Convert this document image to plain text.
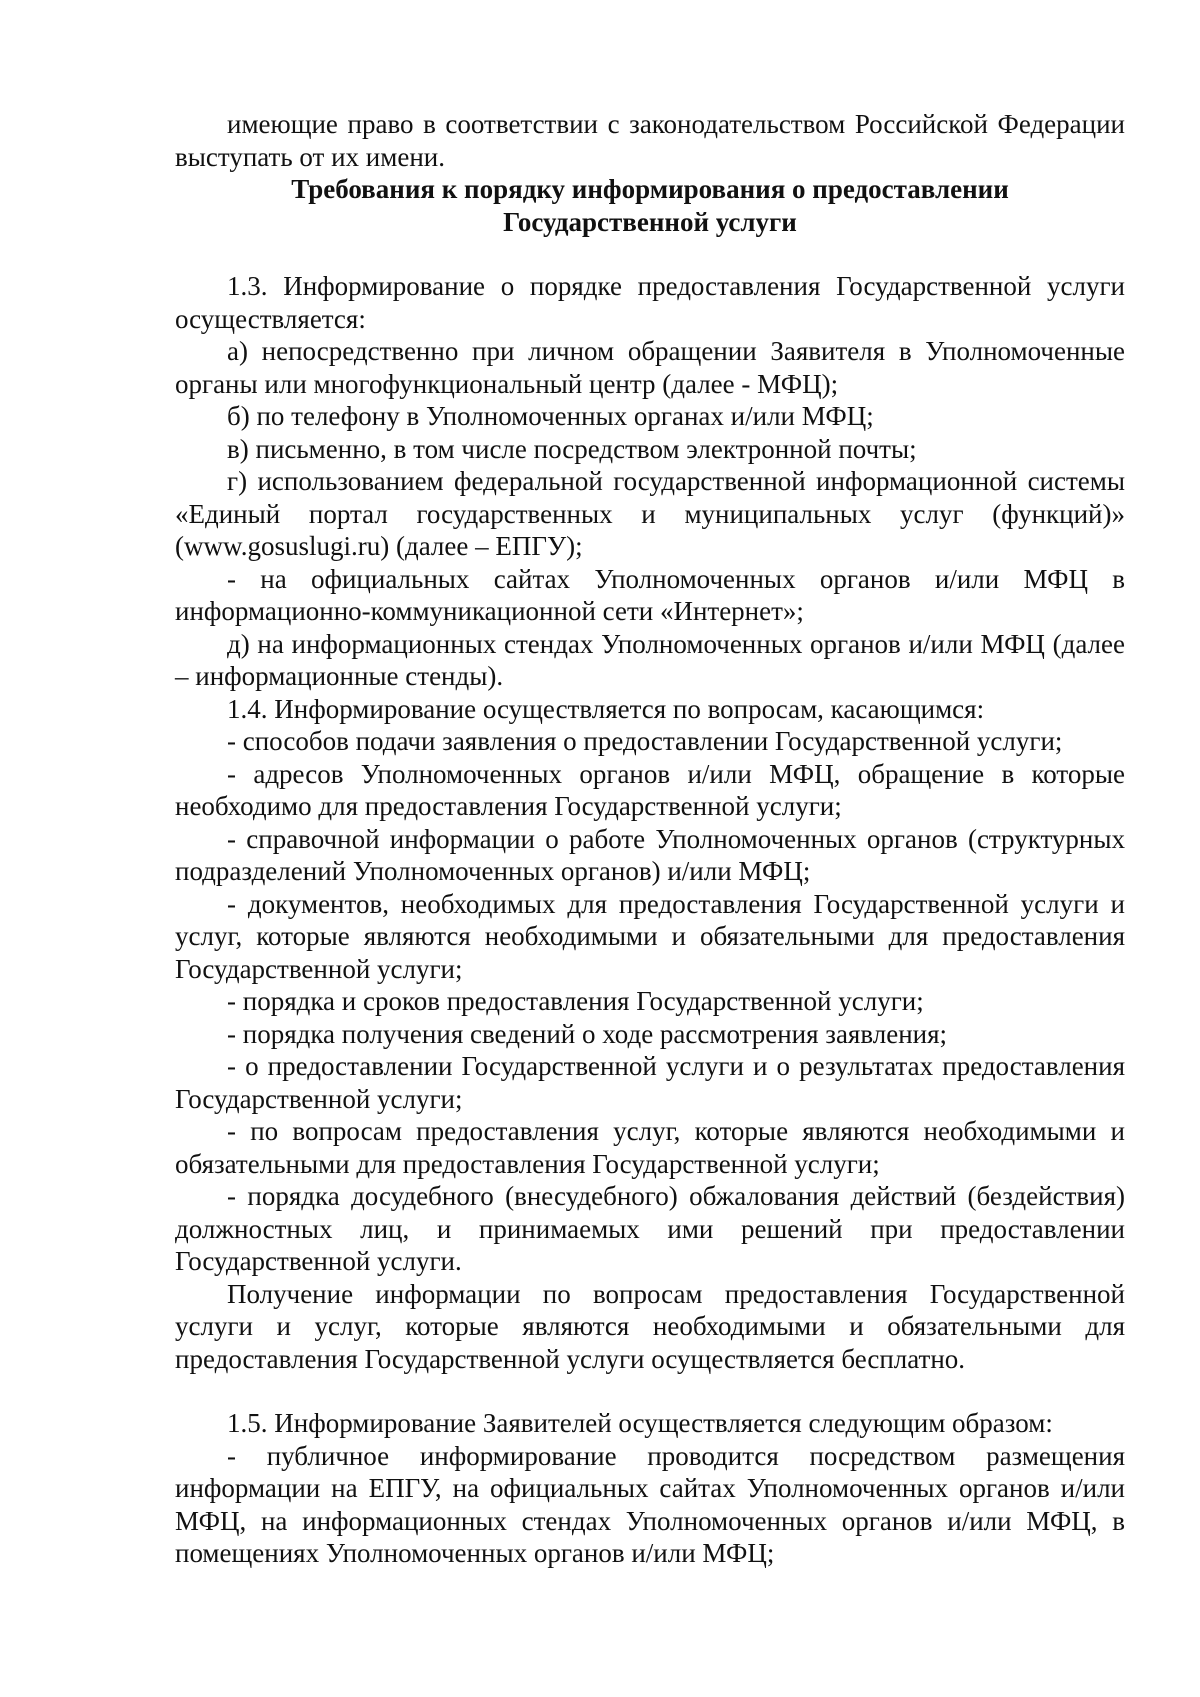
имеющие право в соответствии с законодательством Российской Федерации выступать от их имени.

Требования к порядку информирования о предоставлении

Государственной услуги

1.3. Информирование о порядке предоставления Государственной услуги осуществляется:

а) непосредственно при личном обращении Заявителя в Уполномоченные органы или многофункциональный центр (далее - МФЦ);

б) по телефону в Уполномоченных органах и/или МФЦ;

в) письменно, в том числе посредством электронной почты;

г) использованием федеральной государственной информационной системы «Единый портал государственных и муниципальных услуг (функций)» (www.gosuslugi.ru) (далее – ЕПГУ);

- на официальных сайтах Уполномоченных органов и/или МФЦ в информационно-коммуникационной сети «Интернет»;

д) на информационных стендах Уполномоченных органов и/или МФЦ (далее – информационные стенды).

1.4. Информирование осуществляется по вопросам, касающимся:

- способов подачи заявления о предоставлении Государственной услуги;

- адресов Уполномоченных органов и/или МФЦ, обращение в которые необходимо для предоставления Государственной услуги;

- справочной информации о работе Уполномоченных органов (структурных подразделений Уполномоченных органов) и/или МФЦ;

- документов, необходимых для предоставления Государственной услуги и услуг, которые являются необходимыми и обязательными для предоставления Государственной услуги;

- порядка и сроков предоставления Государственной услуги;

- порядка получения сведений о ходе рассмотрения заявления;

- о предоставлении Государственной услуги и о результатах предоставления Государственной услуги;

- по вопросам предоставления услуг, которые являются необходимыми и обязательными для предоставления Государственной услуги;

- порядка досудебного (внесудебного) обжалования действий (бездействия) должностных лиц, и принимаемых ими решений при предоставлении Государственной услуги.

Получение информации по вопросам предоставления Государственной услуги и услуг, которые являются необходимыми и обязательными для предоставления Государственной услуги осуществляется бесплатно.

1.5. Информирование Заявителей осуществляется следующим образом:

- публичное информирование проводится посредством размещения информации на ЕПГУ, на официальных сайтах Уполномоченных органов и/или МФЦ, на информационных стендах Уполномоченных органов и/или МФЦ, в помещениях Уполномоченных органов и/или МФЦ;
